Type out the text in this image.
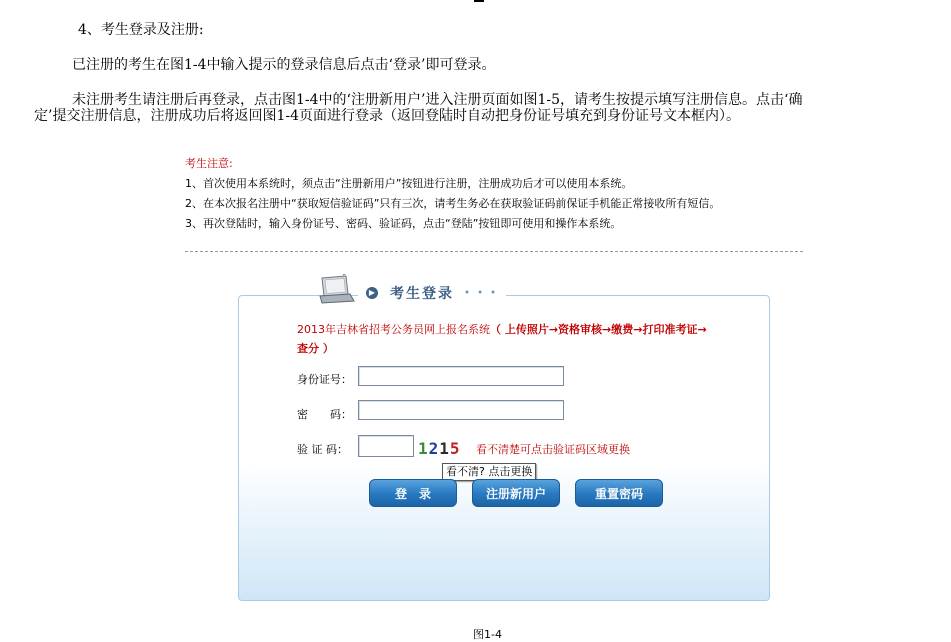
4、考生登录及注册:
已注册的考生在图1-4中输入提示的登录信息后点击‘登录’即可登录。
未注册考生请注册后再登录，点击图1-4中的‘注册新用户’进入注册页面如图1-5，请考生按提示填写注册信息。点击‘确
定’提交注册信息，注册成功后将返回图1-4页面进行登录（返回登陆时自动把身份证号填充到身份证号文本框内）。
考生注意:
1、首次使用本系统时，须点击“注册新用户”按钮进行注册，注册成功后才可以使用本系统。
2、在本次报名注册中“获取短信验证码”只有三次，请考生务必在获取验证码前保证手机能正常接收所有短信。
3、再次登陆时，输入身份证号、密码、验证码，点击“登陆”按钮即可使用和操作本系统。
▶ 考生登录 • • •
2013年吉林省招考公务员网上报名系统（ 上传照片→资格审核→缴费→打印准考证→
查分 ）
身份证号：
密　　码：
验 证 码：	1 2 1 5 看不清楚可点击验证码区域更换
看不清? 点击更换
登　录	注册新用户	重置密码
图1-4
